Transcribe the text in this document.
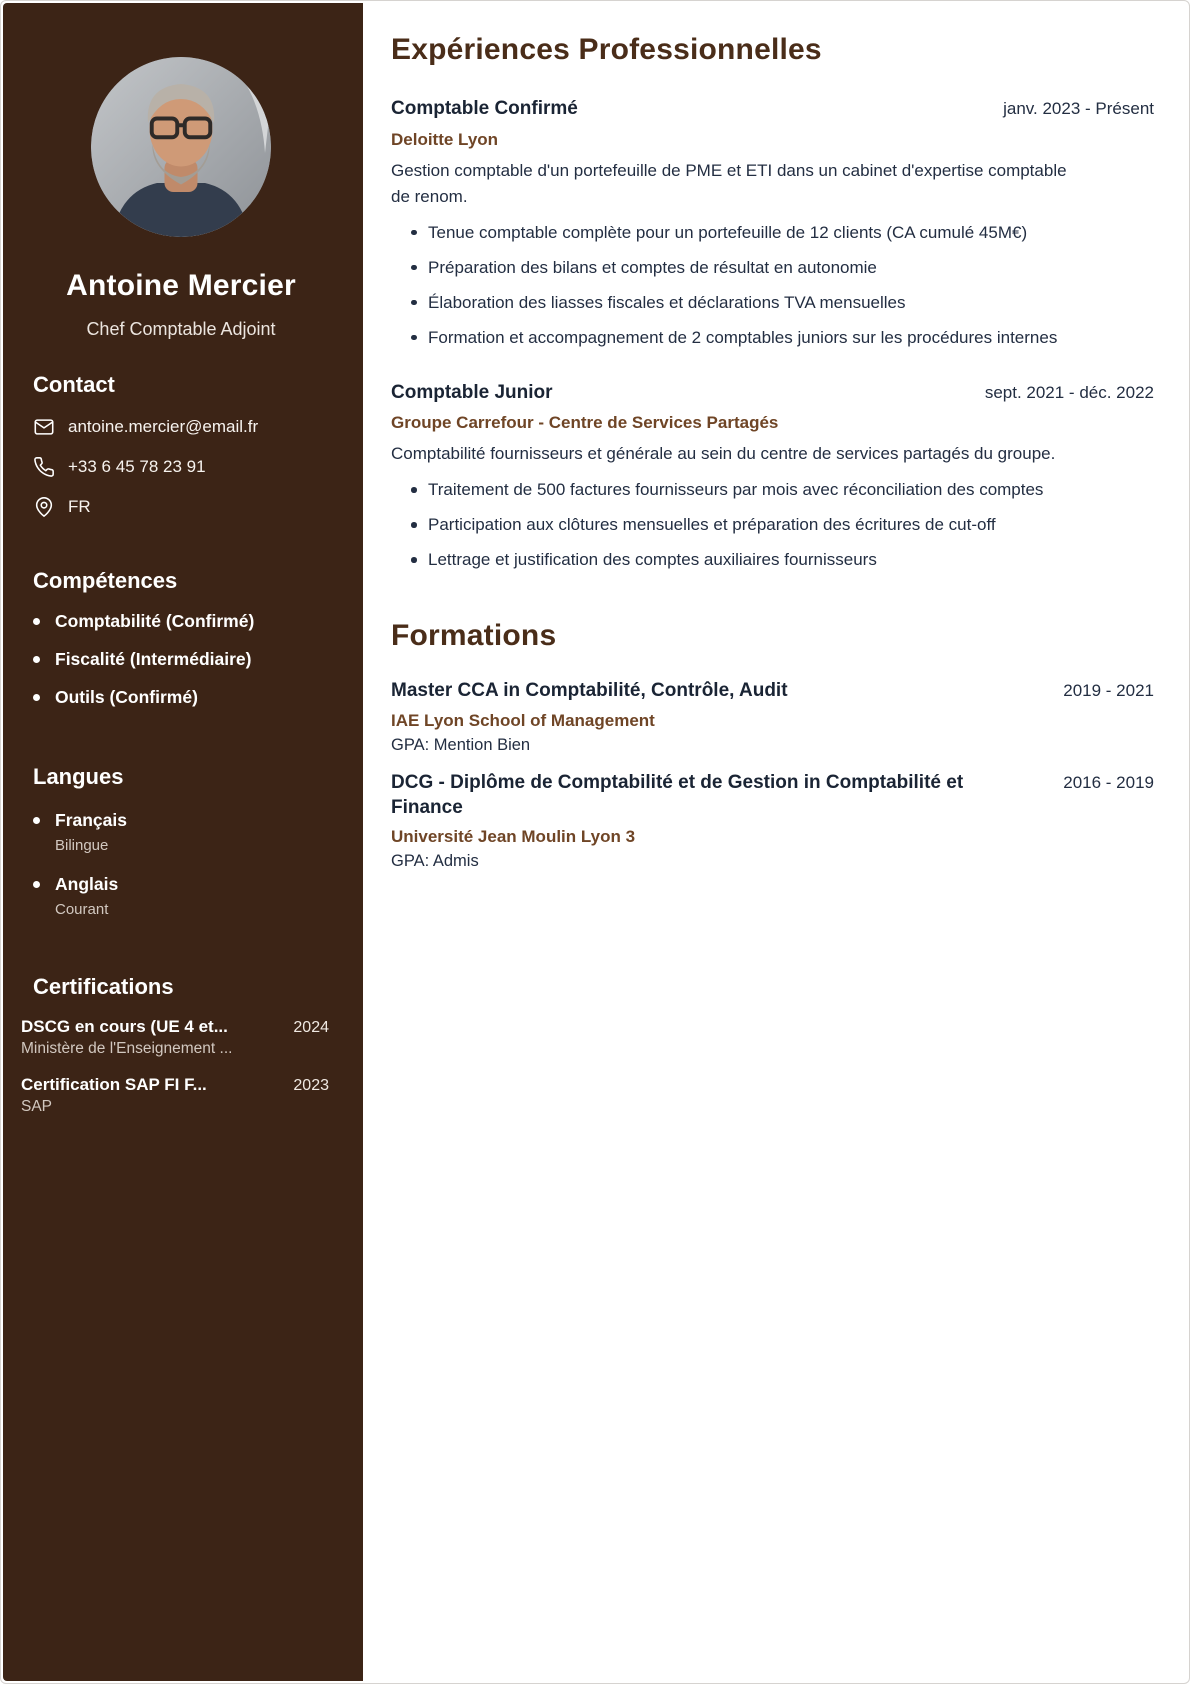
Antoine Mercier
Chef Comptable Adjoint
Contact
antoine.mercier@email.fr
+33 6 45 78 23 91
FR
Compétences
Comptabilité (Confirmé)
Fiscalité (Intermédiaire)
Outils (Confirmé)
Langues
Français
Bilingue
Anglais
Courant
Certifications
DSCG en cours (UE 4 et...	2024
Ministère de l'Enseignement ...
Certification SAP FI F...	2023
SAP
Expériences Professionnelles
Comptable Confirmé	janv. 2023 - Présent
Deloitte Lyon

Gestion comptable d'un portefeuille de PME et ETI dans un cabinet d'expertise comptable de renom.

Tenue comptable complète pour un portefeuille de 12 clients (CA cumulé 45M€)
Préparation des bilans et comptes de résultat en autonomie
Élaboration des liasses fiscales et déclarations TVA mensuelles
Formation et accompagnement de 2 comptables juniors sur les procédures internes
Comptable Junior	sept. 2021 - déc. 2022
Groupe Carrefour - Centre de Services Partagés

Comptabilité fournisseurs et générale au sein du centre de services partagés du groupe.

Traitement de 500 factures fournisseurs par mois avec réconciliation des comptes
Participation aux clôtures mensuelles et préparation des écritures de cut-off
Lettrage et justification des comptes auxiliaires fournisseurs
Formations
Master CCA in Comptabilité, Contrôle, Audit	2019 - 2021
IAE Lyon School of Management
GPA: Mention Bien
DCG - Diplôme de Comptabilité et de Gestion in Comptabilité et Finance
2016 - 2019
Université Jean Moulin Lyon 3
GPA: Admis
